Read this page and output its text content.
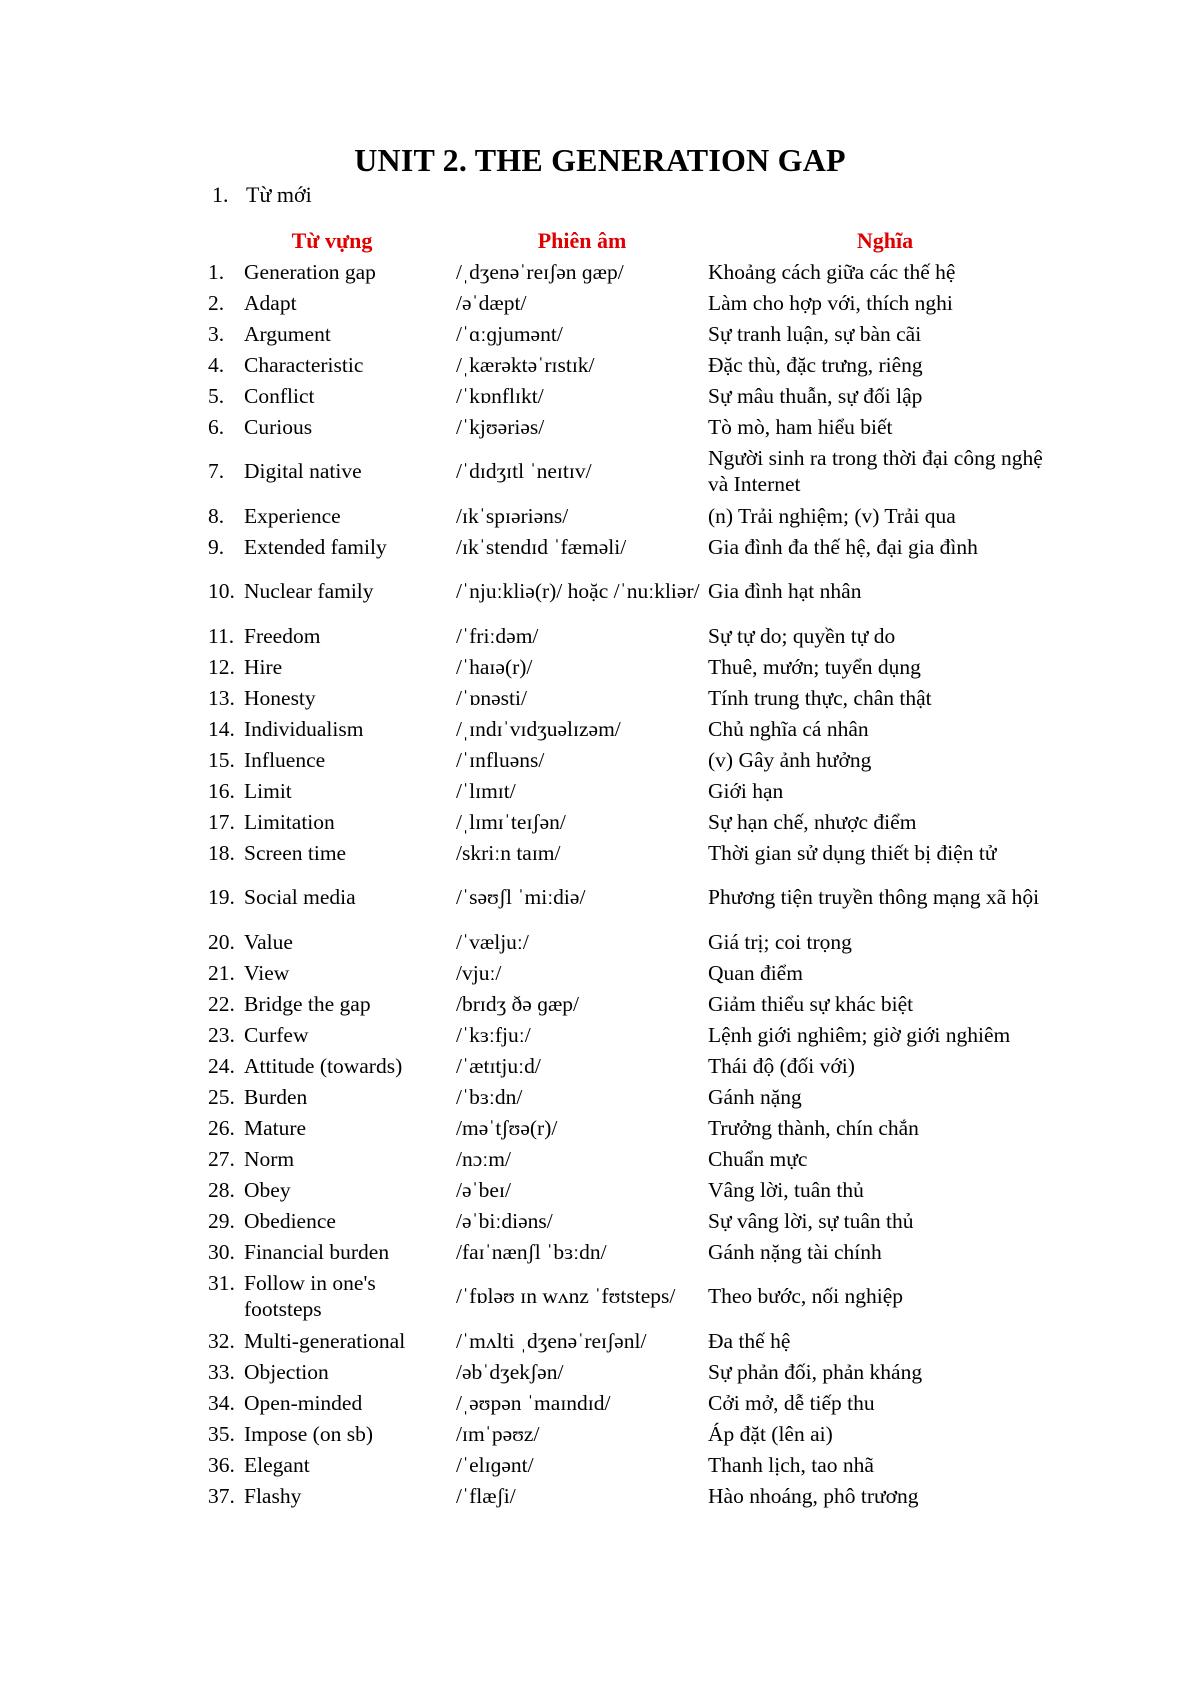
UNIT 2. THE GENERATION GAP
1. Từ mới
Từ vựng	Phiên âm	Nghĩa

1. Generation gap	/ˌdʒenəˈreɪʃən ɡæp/	Khoảng cách giữa các thế hệ

2. Adapt	/əˈdæpt/	Làm cho hợp với, thích nghi

3. Argument	/ˈɑːɡjumənt/	Sự tranh luận, sự bàn cãi

4. Characteristic	/ˌkærəktəˈrɪstɪk/	Đặc thù, đặc trưng, riêng

5. Conflict	/ˈkɒnflɪkt/	Sự mâu thuẫn, sự đối lập

6. Curious	/ˈkjʊəriəs/	Tò mò, ham hiểu biết

7. Digital native	/ˈdɪdʒɪtl ˈneɪtɪv/	Người sinh ra trong thời đại công nghệ và Internet

8. Experience	/ɪkˈspɪəriəns/	(n) Trải nghiệm; (v) Trải qua

9. Extended family	/ɪkˈstendɪd ˈfæməli/	Gia đình đa thế hệ, đại gia đình

10. Nuclear family	/ˈnjuːkliə(r)/ hoặc /ˈnuːkliər/	Gia đình hạt nhân

11. Freedom	/ˈfriːdəm/	Sự tự do; quyền tự do

12. Hire	/ˈhaɪə(r)/	Thuê, mướn; tuyển dụng

13. Honesty	/ˈɒnəsti/	Tính trung thực, chân thật

14. Individualism	/ˌɪndɪˈvɪdʒuəlɪzəm/	Chủ nghĩa cá nhân

15. Influence	/ˈɪnfluəns/	(v) Gây ảnh hưởng

16. Limit	/ˈlɪmɪt/	Giới hạn

17. Limitation	/ˌlɪmɪˈteɪʃən/	Sự hạn chế, nhược điểm

18. Screen time	/skriːn taɪm/	Thời gian sử dụng thiết bị điện tử

19. Social media	/ˈsəʊʃl ˈmiːdiə/	Phương tiện truyền thông mạng xã hội

20. Value	/ˈvæljuː/	Giá trị; coi trọng

21. View	/vjuː/	Quan điểm

22. Bridge the gap	/brɪdʒ ðə ɡæp/	Giảm thiểu sự khác biệt

23. Curfew	/ˈkɜːfjuː/	Lệnh giới nghiêm; giờ giới nghiêm

24. Attitude (towards)	/ˈætɪtjuːd/	Thái độ (đối với)

25. Burden	/ˈbɜːdn/	Gánh nặng

26. Mature	/məˈtʃʊə(r)/	Trưởng thành, chín chắn

27. Norm	/nɔːm/	Chuẩn mực

28. Obey	/əˈbeɪ/	Vâng lời, tuân thủ

29. Obedience	/əˈbiːdiəns/	Sự vâng lời, sự tuân thủ

30. Financial burden	/faɪˈnænʃl ˈbɜːdn/	Gánh nặng tài chính

31. Follow in one's footsteps	/ˈfɒləʊ ɪn wʌnz ˈfʊtsteps/	Theo bước, nối nghiệp

32. Multi-generational	/ˈmʌlti ˌdʒenəˈreɪʃənl/	Đa thế hệ

33. Objection	/əbˈdʒekʃən/	Sự phản đối, phản kháng

34. Open-minded	/ˌəʊpən ˈmaɪndɪd/	Cởi mở, dễ tiếp thu

35. Impose (on sb)	/ɪmˈpəʊz/	Áp đặt (lên ai)

36. Elegant	/ˈelɪɡənt/	Thanh lịch, tao nhã

37. Flashy	/ˈflæʃi/	Hào nhoáng, phô trương
